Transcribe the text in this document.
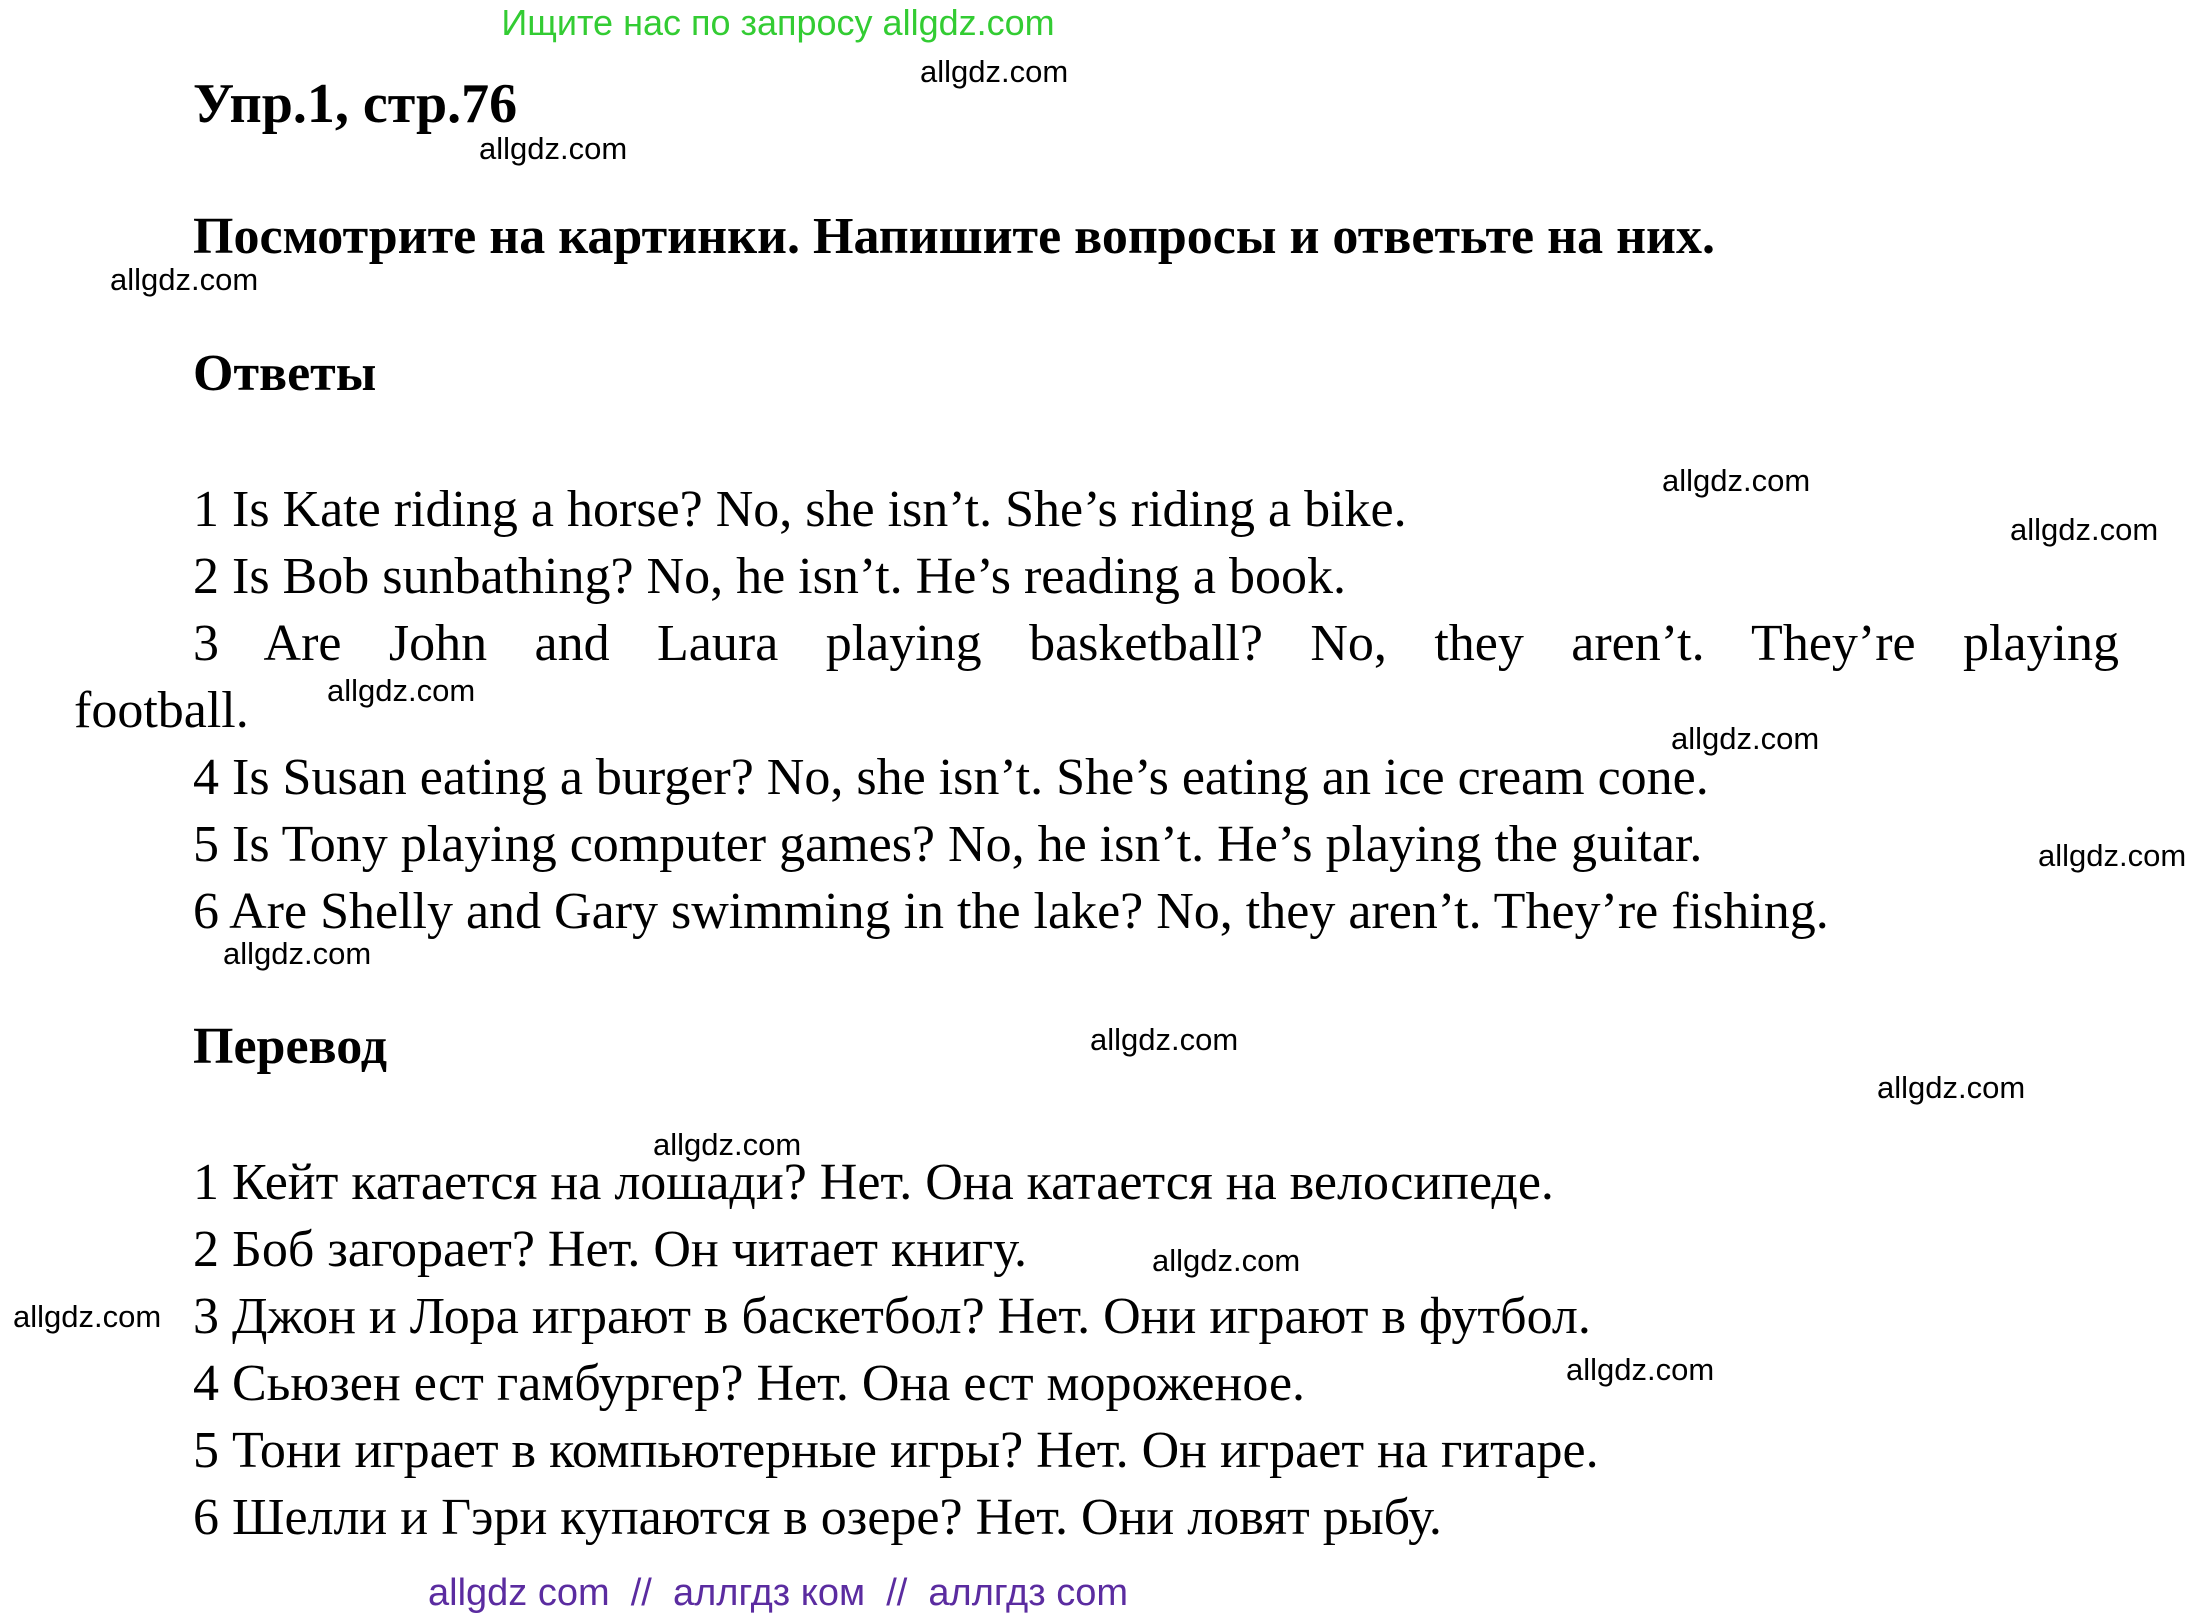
Ищите нас по запросу allgdz.com
Упр.1, стр.76
Посмотрите на картинки. Напишите вопросы и ответьте на них.
Ответы
1 Is Kate riding a horse? No, she isn’t. She’s riding a bike.
2 Is Bob sunbathing? No, he isn’t. He’s reading a book.
3 Are John and Laura playing basketball? No, they aren’t. They’re playing
football.
4 Is Susan eating a burger? No, she isn’t. She’s eating an ice cream cone.
5 Is Tony playing computer games? No, he isn’t. He’s playing the guitar.
6 Are Shelly and Gary swimming in the lake? No, they aren’t. They’re fishing.
Перевод
1 Кейт катается на лошади? Нет. Она катается на велосипеде.
2 Боб загорает? Нет. Он читает книгу.
3 Джон и Лора играют в баскетбол? Нет. Они играют в футбол.
4 Сьюзен ест гамбургер? Нет. Она ест мороженое.
5 Тони играет в компьютерные игры? Нет. Он играет на гитаре.
6 Шелли и Гэри купаются в озере? Нет. Они ловят рыбу.
allgdz.com
allgdz.com
allgdz.com
allgdz.com
allgdz.com
allgdz.com
allgdz.com
allgdz.com
allgdz.com
allgdz.com
allgdz.com
allgdz.com
allgdz.com
allgdz.com
allgdz.com
allgdz com  //  аллгдз ком  //  аллгдз com
